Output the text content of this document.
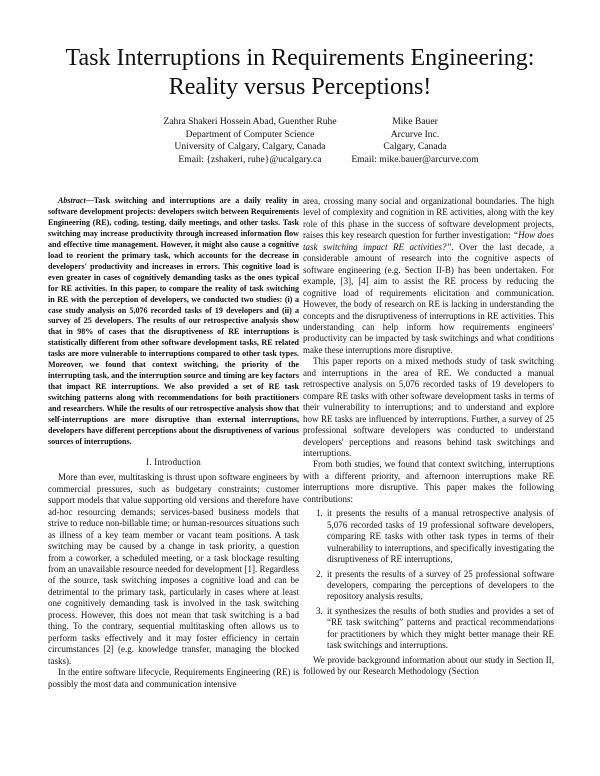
Task Interruptions in Requirements Engineering:
Reality versus Perceptions!
Zahra Shakeri Hossein Abad, Guenther Ruhe
Department of Computer Science
University of Calgary, Calgary, Canada
Email: {zshakeri, ruhe}@ucalgary.ca
Mike Bauer
Arcurve Inc.
Calgary, Canada
Email: mike.bauer@arcurve.com

Abstract—Task switching and interruptions are a daily reality in software development projects: developers switch between Requirements Engineering (RE), coding, testing, daily meetings, and other tasks. Task switching may increase productivity through increased information flow and effective time management. However, it might also cause a cognitive load to reorient the primary task, which accounts for the decrease in developers' productivity and increases in errors. This cognitive load is even greater in cases of cognitively demanding tasks as the ones typical for RE activities. In this paper, to compare the reality of task switching in RE with the perception of developers, we conducted two studies: (i) a case study analysis on 5,076 recorded tasks of 19 developers and (ii) a survey of 25 developers. The results of our retrospective analysis show that in 98% of cases that the disruptiveness of RE interruptions is statistically different from other software development tasks, RE related tasks are more vulnerable to interruptions compared to other task types. Moreover, we found that context switching, the priority of the interrupting task, and the interruption source and timing are key factors that impact RE interruptions. We also provided a set of RE task switching patterns along with recommendations for both practitioners and researchers. While the results of our retrospective analysis show that self-interruptions are more disruptive than external interruptions, developers have different perceptions about the disruptiveness of various sources of interruptions.

I. Introduction

More than ever, multitasking is thrust upon software engineers by commercial pressures, such as budgetary constraints; customer support models that value supporting old versions and therefore have ad-hoc resourcing demands; services-based business models that strive to reduce non-billable time; or human-resources situations such as illness of a key team member or vacant team positions. A task switching may be caused by a change in task priority, a question from a coworker, a scheduled meeting, or a task blockage resulting from an unavailable resource needed for development [1]. Regardless of the source, task switching imposes a cognitive load and can be detrimental to the primary task, particularly in cases where at least one cognitively demanding task is involved in the task switching process. However, this does not mean that task switching is a bad thing. To the contrary, sequential multitasking often allows us to perform tasks effectively and it may foster efficiency in certain circumstances [2] (e.g. knowledge transfer, managing the blocked tasks).

In the entire software lifecycle, Requirements Engineering (RE) is possibly the most data and communication intensive

area, crossing many social and organizational boundaries. The high level of complexity and cognition in RE activities, along with the key role of this phase in the success of software development projects, raises this key research question for further investigation: “How does task switching impact RE activities?”. Over the last decade, a considerable amount of research into the cognitive aspects of software engineering (e.g. Section II-B) has been undertaken. For example, [3], [4] aim to assist the RE process by reducing the cognitive load of requirements elicitation and communication. However, the body of research on RE is lacking in understanding the concepts and the disruptiveness of interruptions in RE activities. This understanding can help inform how requirements engineers' productivity can be impacted by task switchings and what conditions make these interruptions more disruptive.

This paper reports on a mixed methods study of task switching and interruptions in the area of RE. We conducted a manual retrospective analysis on 5,076 recorded tasks of 19 developers to compare RE tasks with other software development tasks in terms of their vulnerability to interruptions; and to understand and explore how RE tasks are influenced by interruptions. Further, a survey of 25 professional software developers was conducted to understand developers' perceptions and reasons behind task switchings and interruptions.

From both studies, we found that context switching, interruptions with a different priority, and afternoon interruptions make RE interruptions more disruptive. This paper makes the following contributions:

1. it presents the results of a manual retrospective analysis of 5,076 recorded tasks of 19 professional software developers, comparing RE tasks with other task types in terms of their vulnerability to interruptions, and specifically investigating the disruptiveness of RE interruptions,
2. it presents the results of a survey of 25 professional software developers, comparing the perceptions of developers to the repository analysis results,
3. it synthesizes the results of both studies and provides a set of “RE task switching” patterns and practical recommendations for practitioners by which they might better manage their RE task switchings and interruptions.

We provide background information about our study in Section II, followed by our Research Methodology (Section
